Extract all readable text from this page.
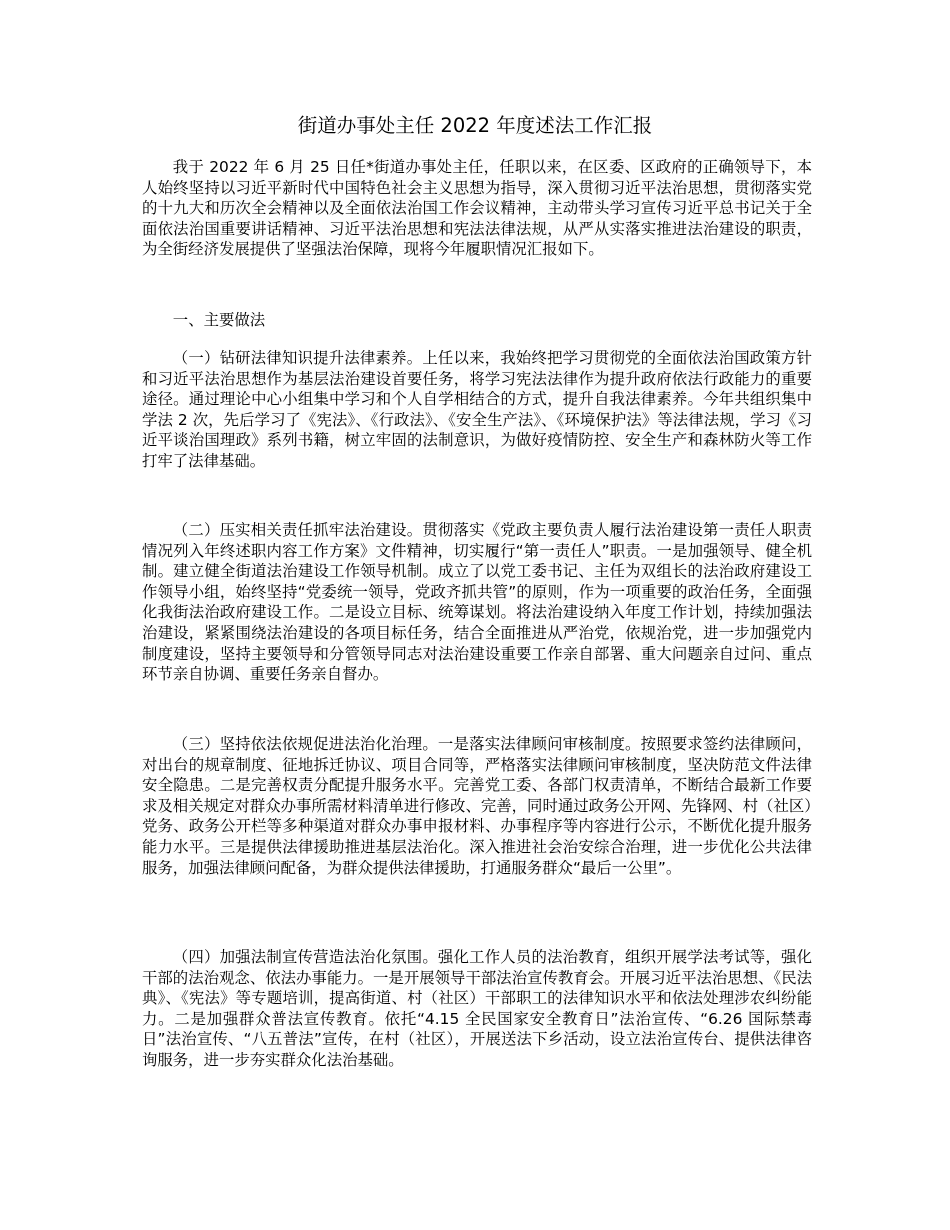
街道办事处主任 2022 年度述法工作汇报

我于 2022 年 6 月 25 日任*街道办事处主任，任职以来，在区委、区政府的正确领导下，本人始终坚持以习近平新时代中国特色社会主义思想为指导，深入贯彻习近平法治思想，贯彻落实党的十九大和历次全会精神以及全面依法治国工作会议精神，主动带头学习宣传习近平总书记关于全面依法治国重要讲话精神、习近平法治思想和宪法法律法规，从严从实落实推进法治建设的职责，为全街经济发展提供了坚强法治保障，现将今年履职情况汇报如下。

一、主要做法

（一）钻研法律知识提升法律素养。上任以来，我始终把学习贯彻党的全面依法治国政策方针和习近平法治思想作为基层法治建设首要任务，将学习宪法法律作为提升政府依法行政能力的重要途径。通过理论中心小组集中学习和个人自学相结合的方式，提升自我法律素养。今年共组织集中学法 2 次，先后学习了《宪法》、《行政法》、《安全生产法》、《环境保护法》等法律法规，学习《习近平谈治国理政》系列书籍，树立牢固的法制意识，为做好疫情防控、安全生产和森林防火等工作打牢了法律基础。

（二）压实相关责任抓牢法治建设。贯彻落实《党政主要负责人履行法治建设第一责任人职责情况列入年终述职内容工作方案》文件精神，切实履行“第一责任人”职责。一是加强领导、健全机制。建立健全街道法治建设工作领导机制。成立了以党工委书记、主任为双组长的法治政府建设工作领导小组，始终坚持“党委统一领导，党政齐抓共管”的原则，作为一项重要的政治任务，全面强化我街法治政府建设工作。二是设立目标、统筹谋划。将法治建设纳入年度工作计划，持续加强法治建设，紧紧围绕法治建设的各项目标任务，结合全面推进从严治党，依规治党，进一步加强党内制度建设，坚持主要领导和分管领导同志对法治建设重要工作亲自部署、重大问题亲自过问、重点环节亲自协调、重要任务亲自督办。

（三）坚持依法依规促进法治化治理。一是落实法律顾问审核制度。按照要求签约法律顾问，对出台的规章制度、征地拆迁协议、项目合同等，严格落实法律顾问审核制度，坚决防范文件法律安全隐患。二是完善权责分配提升服务水平。完善党工委、各部门权责清单，不断结合最新工作要求及相关规定对群众办事所需材料清单进行修改、完善，同时通过政务公开网、先锋网、村（社区）党务、政务公开栏等多种渠道对群众办事申报材料、办事程序等内容进行公示，不断优化提升服务能力水平。三是提供法律援助推进基层法治化。深入推进社会治安综合治理，进一步优化公共法律服务，加强法律顾问配备，为群众提供法律援助，打通服务群众“最后一公里”。

（四）加强法制宣传营造法治化氛围。强化工作人员的法治教育，组织开展学法考试等，强化干部的法治观念、依法办事能力。一是开展领导干部法治宣传教育会。开展习近平法治思想、《民法典》、《宪法》等专题培训，提高街道、村（社区）干部职工的法律知识水平和依法处理涉农纠纷能力。二是加强群众普法宣传教育。依托“4.15 全民国家安全教育日”法治宣传、“6.26 国际禁毒日”法治宣传、“八五普法”宣传，在村（社区），开展送法下乡活动，设立法治宣传台、提供法律咨询服务，进一步夯实群众化法治基础。
